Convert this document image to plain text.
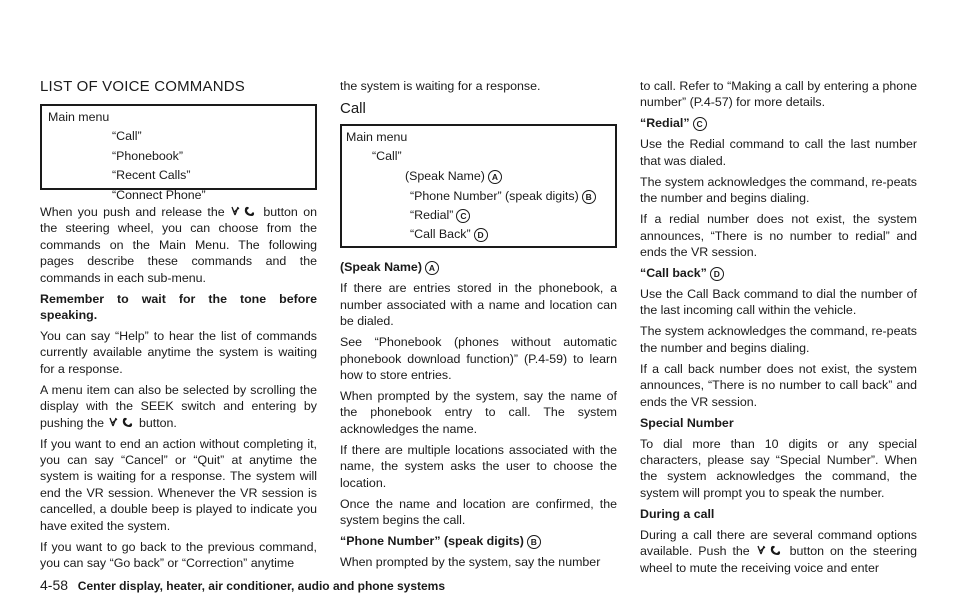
LIST OF VOICE COMMANDS
Main menu
“Call”
“Phonebook”
“Recent Calls”
“Connect Phone”

When you push and release the	button on the steering wheel, you can choose from the commands on the Main Menu. The following pages describe these commands and the commands in each sub-menu.

Remember to wait for the tone before speaking.

You can say “Help” to hear the list of commands currently available anytime the system is waiting for a response.

A menu item can also be selected by scrolling the display with the SEEK switch and entering by pushing the	button.

If you want to end an action without completing it, you can say “Cancel” or “Quit” at anytime the system is waiting for a response. The system will end the VR session. Whenever the VR session is cancelled, a double beep is played to indicate you have exited the system.

If you want to go back to the previous command, you can say “Go back” or “Correction” anytime

the system is waiting for a response.

Call
Main menu
“Call”
(Speak Name) A
“Phone Number” (speak digits) B
“Redial” C
“Call Back” D
(Speak Name) A

If there are entries stored in the phonebook, a number associated with a name and location can be dialed.

See “Phonebook (phones without automatic phonebook download function)” (P.4-59) to learn how to store entries.

When prompted by the system, say the name of the phonebook entry to call. The system acknowledges the name.

If there are multiple locations associated with the name, the system asks the user to choose the location.

Once the name and location are confirmed, the system begins the call.

“Phone Number” (speak digits) B

When prompted by the system, say the number

to call. Refer to “Making a call by entering a phone number” (P.4-57) for more details.

“Redial” C

Use the Redial command to call the last number that was dialed.

The system acknowledges the command, re-peats the number and begins dialing.

If a redial number does not exist, the system announces, “There is no number to redial” and ends the VR session.

“Call back” D

Use the Call Back command to dial the number of the last incoming call within the vehicle.

The system acknowledges the command, re-peats the number and begins dialing.

If a call back number does not exist, the system announces, “There is no number to call back” and ends the VR session.

Special Number

To dial more than 10 digits or any special characters, please say “Special Number”. When the system acknowledges the command, the system will prompt you to speak the number.

During a call

During a call there are several command options available. Push the	button on the steering wheel to mute the receiving voice and enter

4-58 Center display, heater, air conditioner, audio and phone systems
